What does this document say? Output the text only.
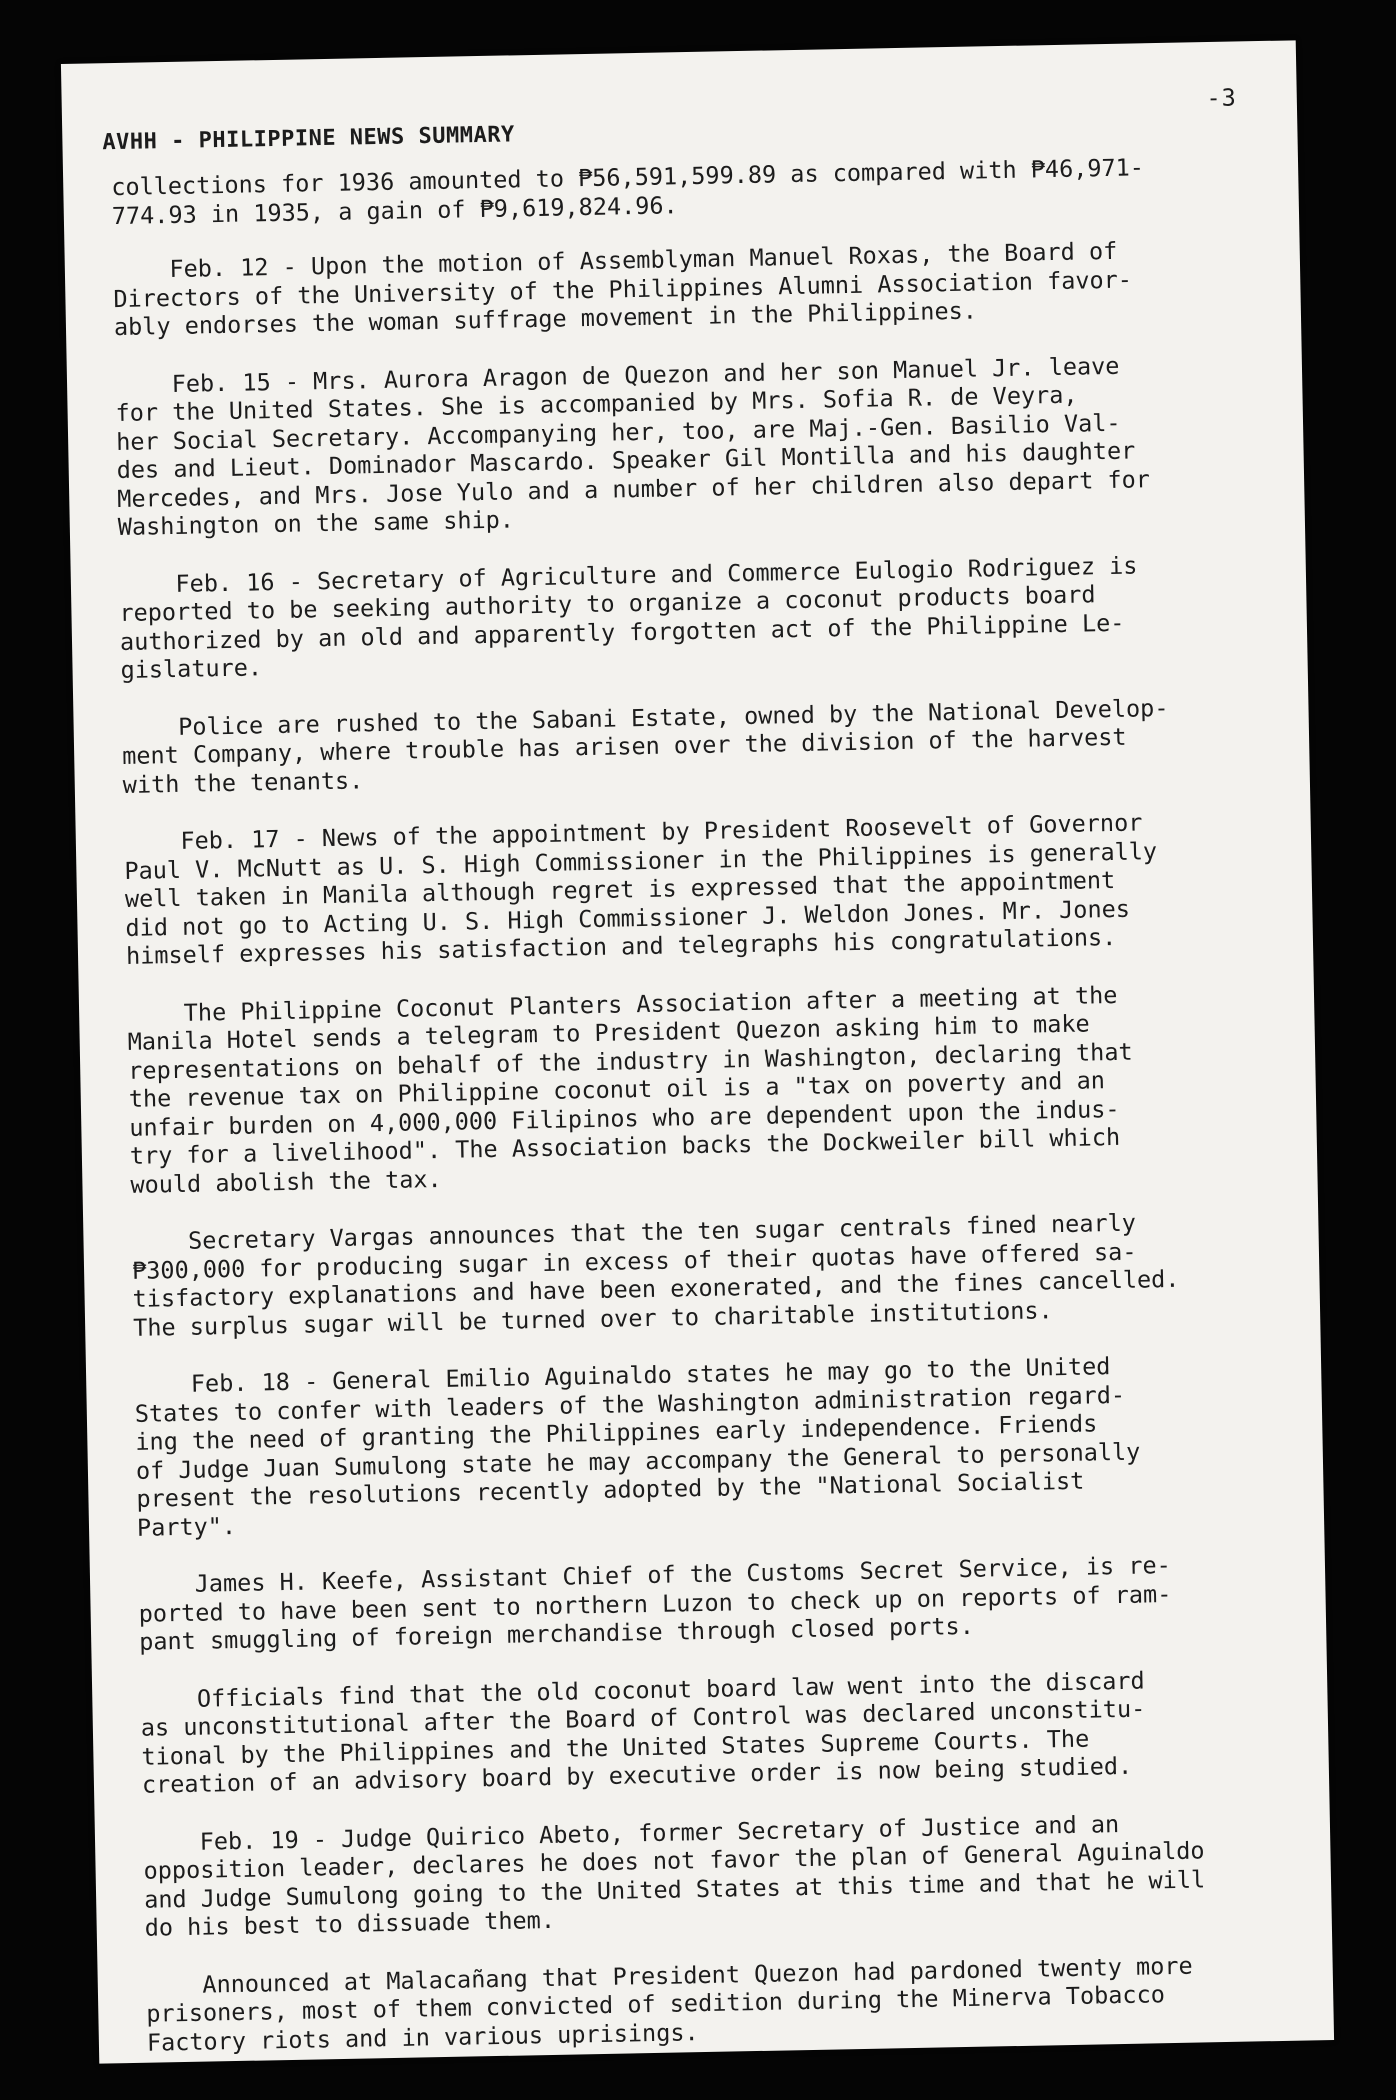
-3
AVHH - PHILIPPINE NEWS SUMMARY

collections for 1936 amounted to ₱56,591,599.89 as compared with ₱46,971-
774.93 in 1935, a gain of ₱9,619,824.96.

Feb. 12 - Upon the motion of Assemblyman Manuel Roxas, the Board of
Directors of the University of the Philippines Alumni Association favor-
ably endorses the woman suffrage movement in the Philippines.

Feb. 15 - Mrs. Aurora Aragon de Quezon and her son Manuel Jr. leave
for the United States. She is accompanied by Mrs. Sofia R. de Veyra,
her Social Secretary. Accompanying her, too, are Maj.-Gen. Basilio Val-
des and Lieut. Dominador Mascardo. Speaker Gil Montilla and his daughter
Mercedes, and Mrs. Jose Yulo and a number of her children also depart for
Washington on the same ship.

Feb. 16 - Secretary of Agriculture and Commerce Eulogio Rodriguez is
reported to be seeking authority to organize a coconut products board
authorized by an old and apparently forgotten act of the Philippine Le-
gislature.

Police are rushed to the Sabani Estate, owned by the National Develop-
ment Company, where trouble has arisen over the division of the harvest
with the tenants.

Feb. 17 - News of the appointment by President Roosevelt of Governor
Paul V. McNutt as U. S. High Commissioner in the Philippines is generally
well taken in Manila although regret is expressed that the appointment
did not go to Acting U. S. High Commissioner J. Weldon Jones. Mr. Jones
himself expresses his satisfaction and telegraphs his congratulations.

The Philippine Coconut Planters Association after a meeting at the
Manila Hotel sends a telegram to President Quezon asking him to make
representations on behalf of the industry in Washington, declaring that
the revenue tax on Philippine coconut oil is a "tax on poverty and an
unfair burden on 4,000,000 Filipinos who are dependent upon the indus-
try for a livelihood". The Association backs the Dockweiler bill which
would abolish the tax.

Secretary Vargas announces that the ten sugar centrals fined nearly
₱300,000 for producing sugar in excess of their quotas have offered sa-
tisfactory explanations and have been exonerated, and the fines cancelled.
The surplus sugar will be turned over to charitable institutions.

Feb. 18 - General Emilio Aguinaldo states he may go to the United
States to confer with leaders of the Washington administration regard-
ing the need of granting the Philippines early independence. Friends
of Judge Juan Sumulong state he may accompany the General to personally
present the resolutions recently adopted by the "National Socialist
Party".

James H. Keefe, Assistant Chief of the Customs Secret Service, is re-
ported to have been sent to northern Luzon to check up on reports of ram-
pant smuggling of foreign merchandise through closed ports.

Officials find that the old coconut board law went into the discard
as unconstitutional after the Board of Control was declared unconstitu-
tional by the Philippines and the United States Supreme Courts. The
creation of an advisory board by executive order is now being studied.

Feb. 19 - Judge Quirico Abeto, former Secretary of Justice and an
opposition leader, declares he does not favor the plan of General Aguinaldo
and Judge Sumulong going to the United States at this time and that he will
do his best to dissuade them.

Announced at Malacañang that President Quezon had pardoned twenty more
prisoners, most of them convicted of sedition during the Minerva Tobacco
Factory riots and in various uprisings.
